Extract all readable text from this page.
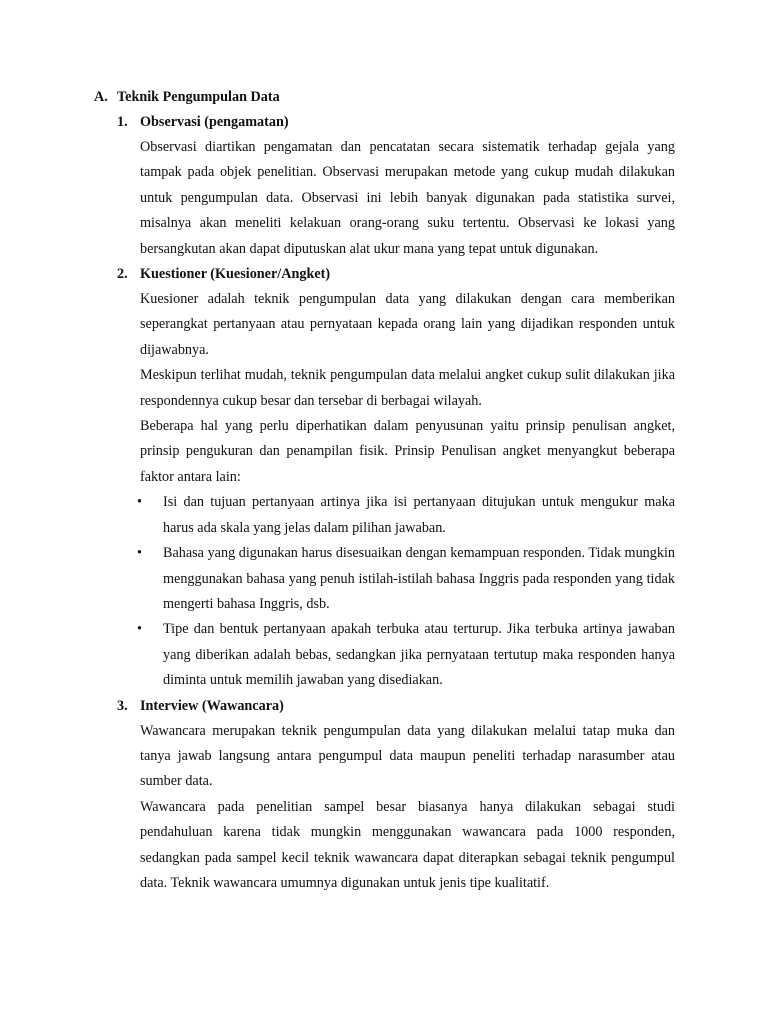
A. Teknik Pengumpulan Data
1. Observasi (pengamatan)
Observasi diartikan pengamatan dan pencatatan secara sistematik terhadap gejala yang tampak pada objek penelitian. Observasi merupakan metode yang cukup mudah dilakukan untuk pengumpulan data. Observasi ini lebih banyak digunakan pada statistika survei, misalnya akan meneliti kelakuan orang-orang suku tertentu. Observasi ke lokasi yang bersangkutan akan dapat diputuskan alat ukur mana yang tepat untuk digunakan.
2. Kuestioner (Kuesioner/Angket)
Kuesioner adalah teknik pengumpulan data yang dilakukan dengan cara memberikan seperangkat pertanyaan atau pernyataan kepada orang lain yang dijadikan responden untuk dijawabnya.
Meskipun terlihat mudah, teknik pengumpulan data melalui angket cukup sulit dilakukan jika respondennya cukup besar dan tersebar di berbagai wilayah.
Beberapa hal yang perlu diperhatikan dalam penyusunan yaitu prinsip penulisan angket, prinsip pengukuran dan penampilan fisik. Prinsip Penulisan angket menyangkut beberapa faktor antara lain:
• Isi dan tujuan pertanyaan artinya jika isi pertanyaan ditujukan untuk mengukur maka harus ada skala yang jelas dalam pilihan jawaban.
• Bahasa yang digunakan harus disesuaikan dengan kemampuan responden. Tidak mungkin menggunakan bahasa yang penuh istilah-istilah bahasa Inggris pada responden yang tidak mengerti bahasa Inggris, dsb.
• Tipe dan bentuk pertanyaan apakah terbuka atau terturup. Jika terbuka artinya jawaban yang diberikan adalah bebas, sedangkan jika pernyataan tertutup maka responden hanya diminta untuk memilih jawaban yang disediakan.
3. Interview (Wawancara)
Wawancara merupakan teknik pengumpulan data yang dilakukan melalui tatap muka dan tanya jawab langsung antara pengumpul data maupun peneliti terhadap narasumber atau sumber data.
Wawancara pada penelitian sampel besar biasanya hanya dilakukan sebagai studi pendahuluan karena tidak mungkin menggunakan wawancara pada 1000 responden, sedangkan pada sampel kecil teknik wawancara dapat diterapkan sebagai teknik pengumpul data. Teknik wawancara umumnya digunakan untuk jenis tipe kualitatif.
